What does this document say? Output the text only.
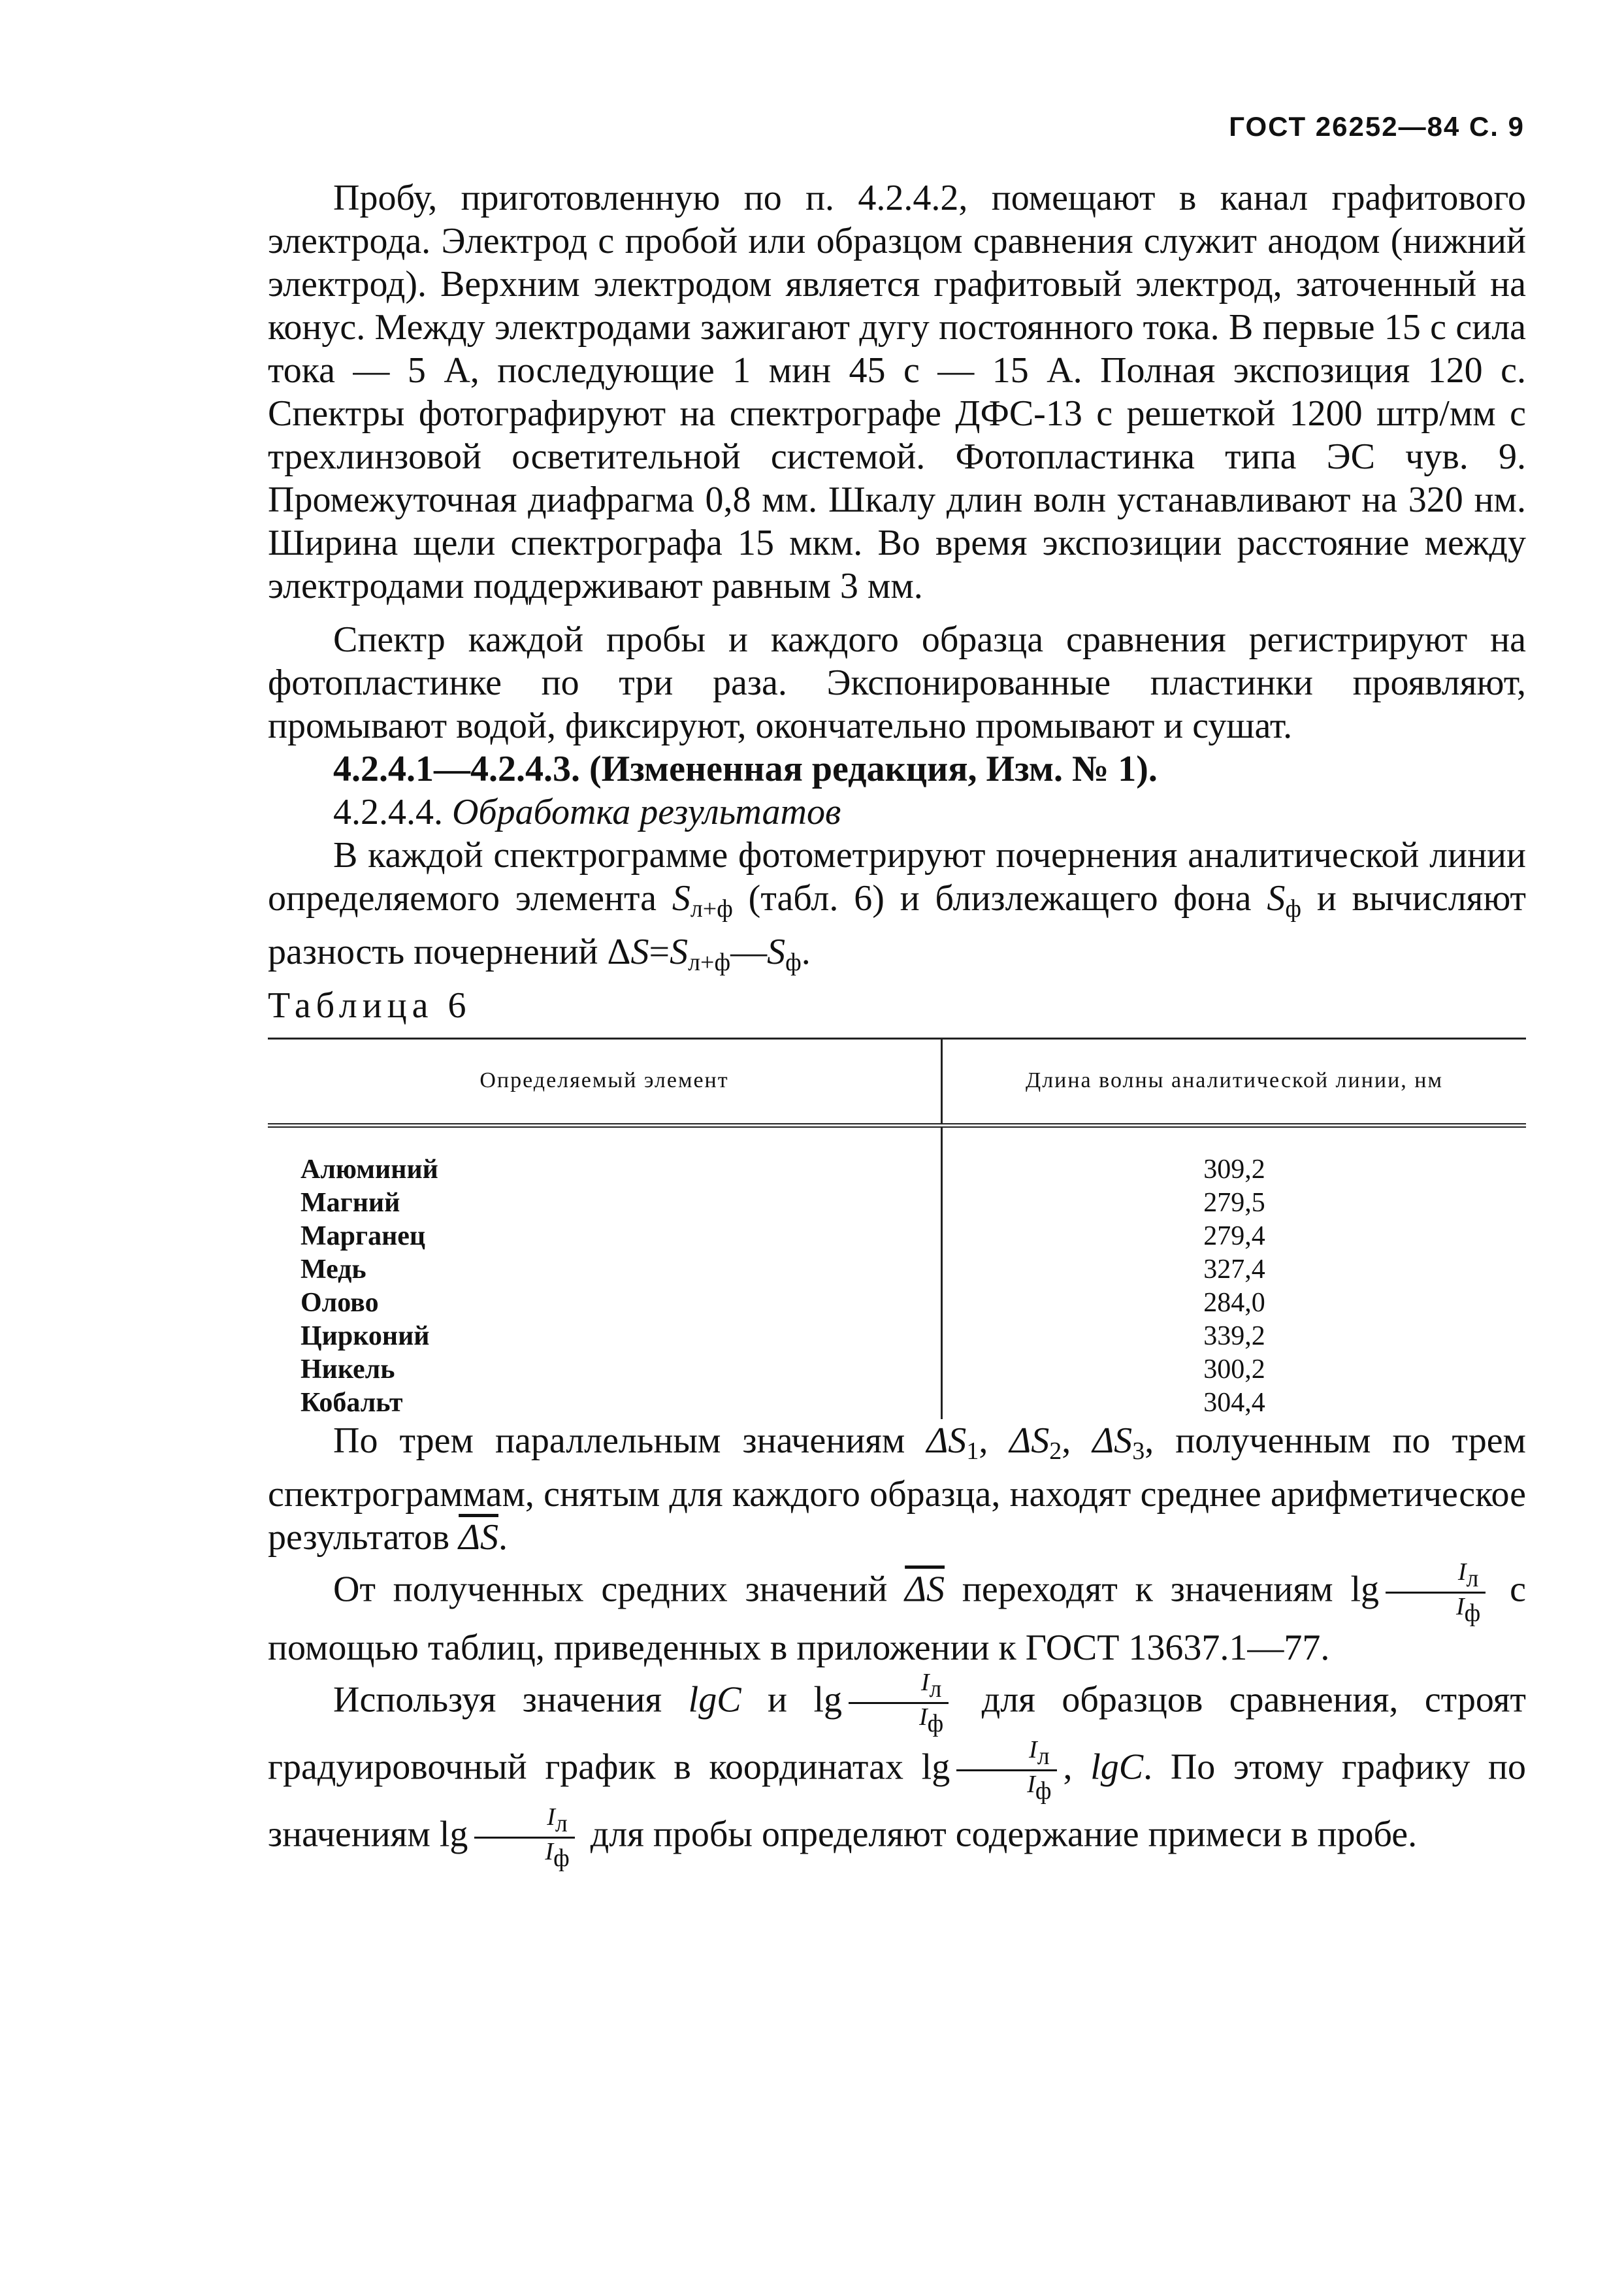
ГОСТ 26252—84 С. 9

Пробу, приготовленную по п. 4.2.4.2, помещают в канал графитового электрода. Электрод с пробой или образцом сравнения служит анодом (нижний электрод). Верхним электродом является графитовый электрод, заточенный на конус. Между электродами зажигают дугу постоянного тока. В первые 15 с сила тока — 5 А, последующие 1 мин 45 с — 15 А. Полная экспозиция 120 с. Спектры фотографируют на спектрографе ДФС-13 с решеткой 1200 штр/мм с трехлинзовой осветительной системой. Фотопластинка типа ЭС чув. 9. Промежуточная диафрагма 0,8 мм. Шкалу длин волн устанавливают на 320 нм. Ширина щели спектрографа 15 мкм. Во время экспозиции расстояние между электродами поддерживают равным 3 мм.

Спектр каждой пробы и каждого образца сравнения регистрируют на фотопластинке по три раза. Экспонированные пластинки проявляют, промывают водой, фиксируют, окончательно промывают и сушат.

4.2.4.1—4.2.4.3. (Измененная редакция, Изм. № 1).

4.2.4.4. Обработка результатов

В каждой спектрограмме фотометрируют почернения аналитической линии определяемого элемента $S_{л+ф}$ (табл. 6) и близлежащего фона $S_ф$ и вычисляют разность почернений $\Delta S=S_{л+ф}—S_ф$.

Таблица 6

Определяемый элемент	Длина волны аналитической линии, нм
Алюминий	309,2
Магний	279,5
Марганец	279,4
Медь	327,4
Олово	284,0
Цирконий	339,2
Никель	300,2
Кобальт	304,4

По трем параллельным значениям $\Delta S_1$, $\Delta S_2$, $\Delta S_3$, полученным по трем спектрограммам, снятым для каждого образца, находят среднее арифметическое результатов $\overline{\Delta S}$.

От полученных средних значений $\overline{\Delta S}$ переходят к значениям $\lg \frac{Iл}{Iф}$ с помощью таблиц, приведенных в приложении к ГОСТ 13637.1—77.

Используя значения lgC и $\lg \frac{Iл}{Iф}$ для образцов сравнения, строят градуировочный график в координатах $\lg \frac{Iл}{Iф}$ , lgC. По этому графику по значениям $\lg \frac{Iл}{Iф}$ для пробы определяют содержание примеси в пробе.
